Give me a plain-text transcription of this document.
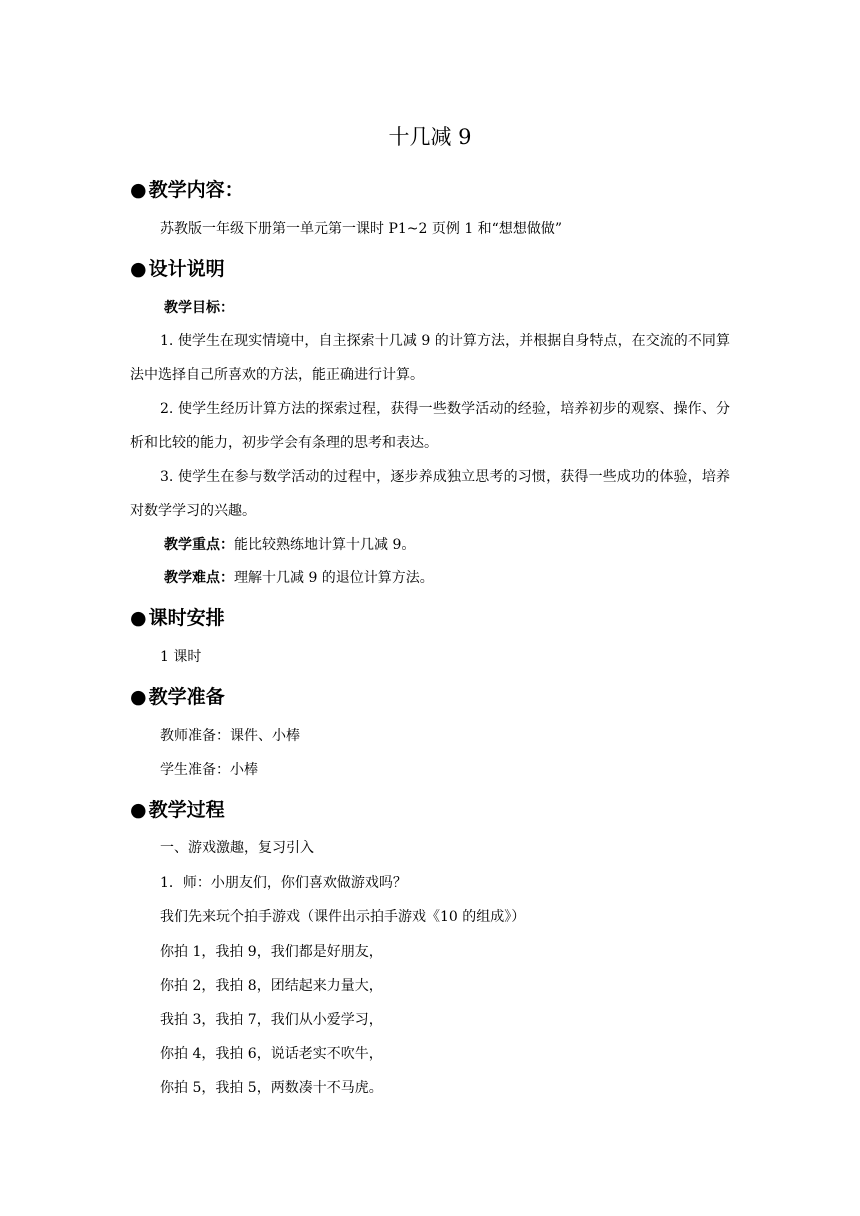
十几减 9
● 教学内容：
苏教版一年级下册第一单元第一课时 P1~2 页例 1 和“想想做做”
● 设计说明
教学目标：
1. 使学生在现实情境中，自主探索十几减 9 的计算方法，并根据自身特点，在交流的不同算法中选择自己所喜欢的方法，能正确进行计算。
2. 使学生经历计算方法的探索过程，获得一些数学活动的经验，培养初步的观察、操作、分析和比较的能力，初步学会有条理的思考和表达。
3. 使学生在参与数学活动的过程中，逐步养成独立思考的习惯，获得一些成功的体验，培养对数学学习的兴趣。
教学重点：能比较熟练地计算十几减 9。
教学难点：理解十几减 9 的退位计算方法。
● 课时安排
1 课时
● 教学准备
教师准备：课件、小棒
学生准备：小棒
● 教学过程
一、游戏激趣，复习引入
1．师：小朋友们，你们喜欢做游戏吗？
我们先来玩个拍手游戏（课件出示拍手游戏《10 的组成》）
你拍 1，我拍 9，我们都是好朋友，
你拍 2，我拍 8，团结起来力量大，
我拍 3，我拍 7，我们从小爱学习，
你拍 4，我拍 6，说话老实不吹牛，
你拍 5，我拍 5，两数凑十不马虎。
